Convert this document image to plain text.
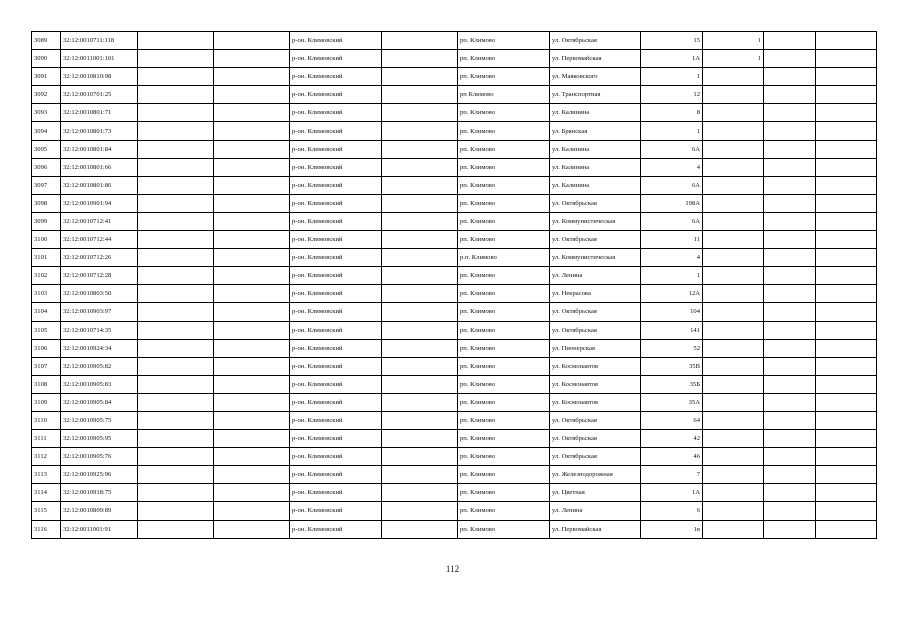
3089	32:12:0010711:118			р-он. Климовский		рп. Климово	ул. Октябрьская	15	1		
3090	32:12:0011001:101			р-он. Климовский		рп. Климово	ул. Первомайская	1А	1		
3091	32:12:0010810:98			р-он. Климовский		рп. Климово	ул. Маяковского	1			
3092	32:12:0010701:25			р-он. Климовский		рп Климово	ул. Транспортная	12			
3093	32:12:0010801:71			р-он. Климовский		рп. Климово	ул. Калинина	8			
3094	32:12:0010801:73			р-он. Климовский		рп. Климово	ул. Брянская	1			
3095	32:12:0010801:84			р-он. Климовский		рп. Климово	ул. Калинина	6А			
3096	32:12:0010801:66			р-он. Климовский		рп. Климово	ул. Калинина	4			
3097	32:12:0010801:86			р-он. Климовский		рп. Климово	ул. Калинина	6А			
3098	32:12:0010901:94			р-он. Климовский		рп. Климово	ул. Октябрьская	198А			
3099	32:12:0010712:41			р-он. Климовский		рп. Климово	ул. Коммунистическая	6А			
3100	32:12:0010712:44			р-он. Климовский		рп. Климово	ул. Октябрьская	11			
3101	32:12:0010712:26			р-он. Климовский		р.п. Климово	ул. Коммунистическая	4			
3102	32:12:0010712:28			р-он. Климовский		рп. Климово	ул. Ленина	1			
3103	32:12:0010803:50			р-он. Климовский		рп. Климово	ул. Некрасова	12А			
3104	32:12:0010903:97			р-он. Климовский		рп. Климово	ул. Октябрьская	104			
3105	32:12:0010714:35			р-он. Климовский		рп. Климово	ул. Октябрьская	141			
3106	32:12:0010924:34			р-он. Климовский		рп. Климово	ул. Пионерская	52			
3107	32:12:0010905:82			р-он. Климовский		рп. Климово	ул. Космонавтов	35В			
3108	32:12:0010905:83			р-он. Климовский		рп. Климово	ул. Космонавтов	35Б			
3109	32:12:0010905:84			р-он. Климовский		рп. Климово	ул. Космонавтов	35А			
3110	32:12:0010905:75			р-он. Климовский		рп. Климово	ул. Октябрьская	64			
3111	32:12:0010905:95			р-он. Климовский		рп. Климово	ул. Октябрьская	42			
3112	32:12:0010905:76			р-он. Климовский		рп. Климово	ул. Октябрьская	46			
3113	32:12:0010925:96			р-он. Климовский		рп. Климово	ул. Железнодорожная	7			
3114	32:12:0010918:75			р-он. Климовский		рп. Климово	ул. Цветная	1А			
3115	32:12:0010809:89			р-он. Климовский		рп. Климово	ул. Ленина	6			
3116	32:12:0011001:91			р-он. Климовский		рп. Климово	ул. Первомайская	1в			
112
